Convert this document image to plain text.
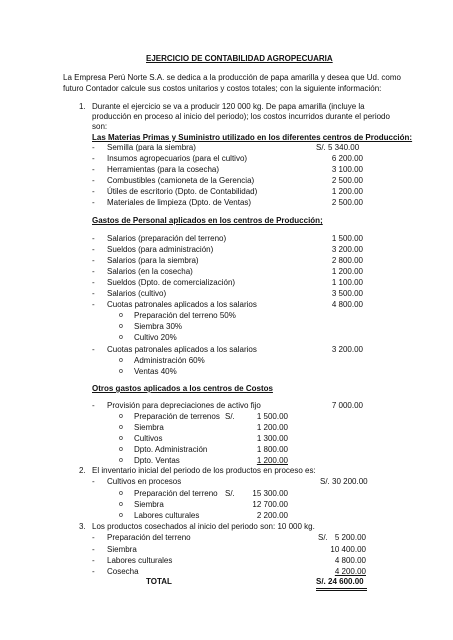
EJERCICIO DE CONTABILIDAD AGROPECUARIA
La Empresa Perú Norte S.A. se dedica a la producción de papa amarilla y desea que Ud. como
futuro Contador calcule sus costos unitarios y costos totales; con la siguiente información:
1. Durante el ejercicio se va a producir 120 000 kg. De papa amarilla (incluye la
producción en proceso al inicio del periodo); los costos incurridos durante el periodo
son:
Las Materias Primas y Suministro utilizado en los diferentes centros de Producción:
- Semilla (para la siembra)	S/. 5 340.00
- Insumos agropecuarios (para el cultivo)	6 200.00
- Herramientas (para la cosecha)	3 100.00
- Combustibles (camioneta de la Gerencia)	2 500.00
- Útiles de escritorio (Dpto. de Contabilidad)	1 200.00
- Materiales de limpieza (Dpto. de Ventas)	2 500.00
Gastos de Personal aplicados en los centros de Producción;
- Salarios (preparación del terreno)	1 500.00
- Sueldos (para administración)	3 200.00
- Salarios (para la siembra)	2 800.00
- Salarios (en la cosecha)	1 200.00
- Sueldos (Dpto. de comercialización)	1 100.00
- Salarios (cultivo)	3 500.00
- Cuotas patronales aplicados a los salarios	4 800.00
o Preparación del terreno 50%
o Siembra 30%
o Cultivo 20%
- Cuotas patronales aplicados a los salarios	3 200.00
o Administración 60%
o Ventas 40%
Otros gastos aplicados a los centros de Costos
- Provisión para depreciaciones de activo fijo	7 000.00
o Preparación de terrenos S/.	1 500.00
o Siembra	1 200.00
o Cultivos	1 300.00
o Dpto. Administración	1 800.00
o Dpto. Ventas	1 200.00
2. El inventario inicial del periodo de los productos en proceso es:
- Cultivos en procesos	S/. 30 200.00
o Preparación del terreno S/.	15 300.00
o Siembra	12 700.00
o Labores culturales	2 200.00
3. Los productos cosechados al inicio del periodo son: 10 000 kg.
- Preparación del terreno	S/. 5 200.00
- Siembra	10 400.00
- Labores culturales	4 800.00
- Cosecha	4 200.00
TOTAL	S/. 24 600.00
